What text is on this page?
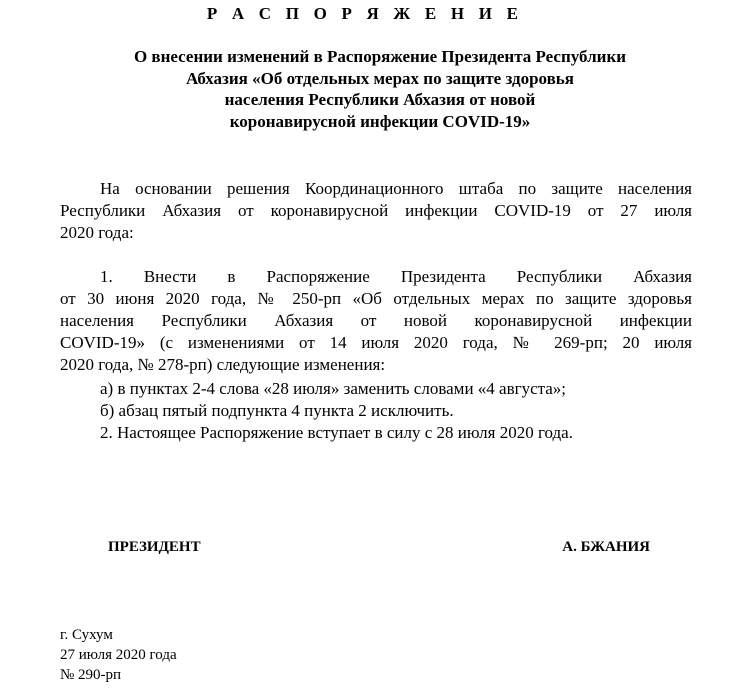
Р А С П О Р Я Ж Е Н И Е
О внесении изменений в Распоряжение Президента Республики
Абхазия «Об отдельных мерах по защите здоровья
населения Республики Абхазия от новой
коронавирусной инфекции COVID-19»
На основании решения Координационного штаба по защите населения
Республики Абхазия от коронавирусной инфекции COVID-19 от 27 июля
2020 года:
1. Внести в Распоряжение Президента Республики Абхазия
от 30 июня 2020 года, № 250-рп «Об отдельных мерах по защите здоровья
населения Республики Абхазия от новой коронавирусной инфекции
COVID-19» (с изменениями от 14 июля 2020 года, № 269-рп; 20 июля
2020 года, № 278-рп) следующие изменения:
а) в пунктах 2-4 слова «28 июля» заменить словами «4 августа»;
б) абзац пятый подпункта 4 пункта 2 исключить.
2. Настоящее Распоряжение вступает в силу с 28 июля 2020 года.
ПРЕЗИДЕНТ	А. БЖАНИЯ
г. Сухум
27 июля 2020 года
№ 290-рп
